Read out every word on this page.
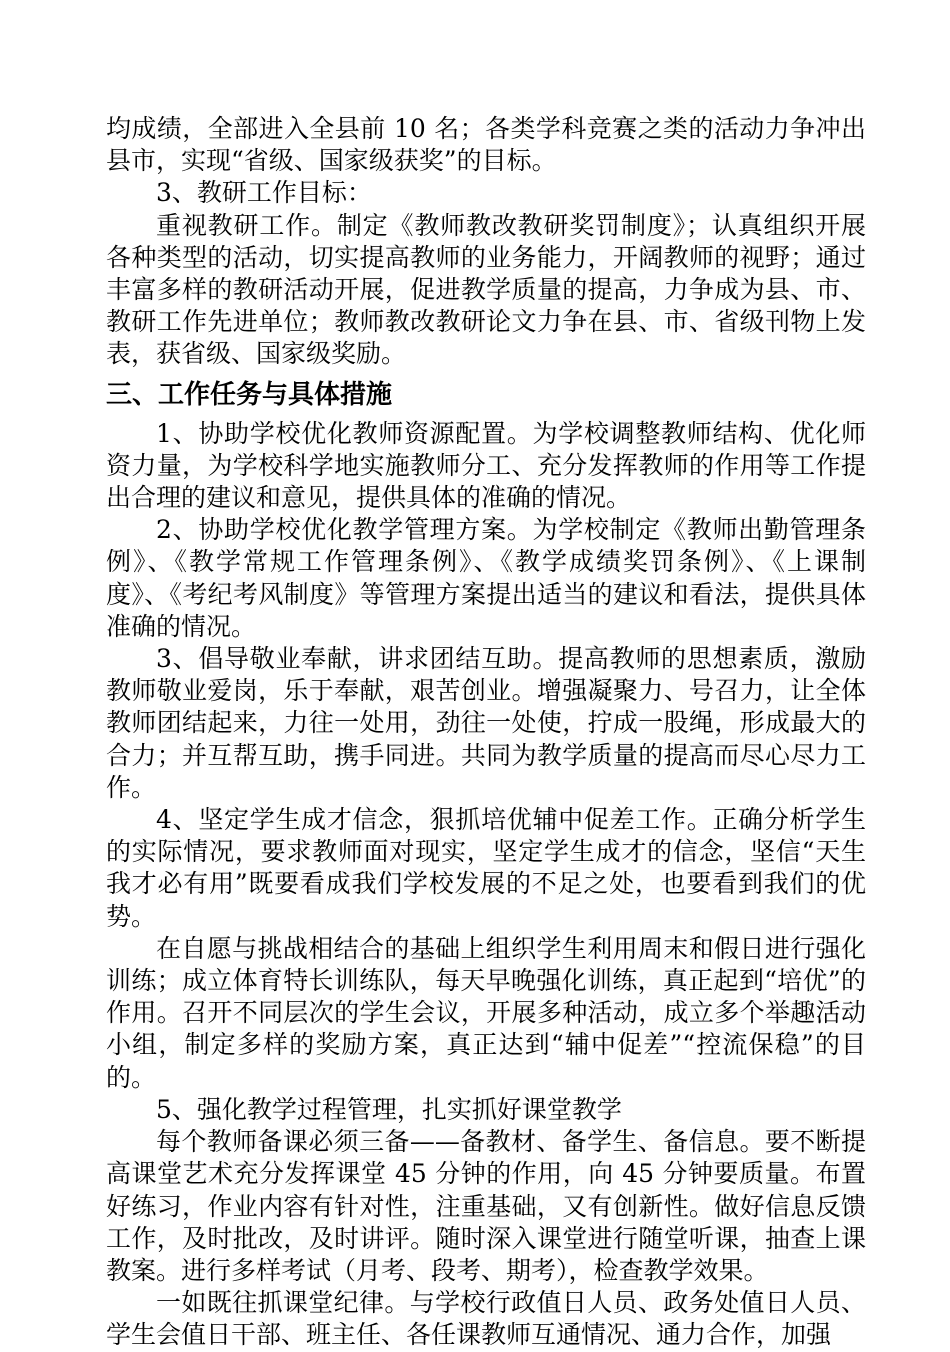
均成绩，全部进入全县前 10 名；各类学科竞赛之类的活动力争冲出县市，实现“省级、国家级获奖”的目标。

3、教研工作目标：

重视教研工作。制定《教师教改教研奖罚制度》；认真组织开展各种类型的活动，切实提高教师的业务能力，开阔教师的视野；通过丰富多样的教研活动开展，促进教学质量的提高，力争成为县、市、教研工作先进单位；教师教改教研论文力争在县、市、省级刊物上发表，获省级、国家级奖励。

三、工作任务与具体措施

1、协助学校优化教师资源配置。为学校调整教师结构、优化师资力量，为学校科学地实施教师分工、充分发挥教师的作用等工作提出合理的建议和意见，提供具体的准确的情况。

2、协助学校优化教学管理方案。为学校制定《教师出勤管理条例》、《教学常规工作管理条例》、《教学成绩奖罚条例》、《上课制度》、《考纪考风制度》等管理方案提出适当的建议和看法，提供具体准确的情况。

3、倡导敬业奉献，讲求团结互助。提高教师的思想素质，激励教师敬业爱岗，乐于奉献，艰苦创业。增强凝聚力、号召力，让全体教师团结起来，力往一处用，劲往一处使，拧成一股绳，形成最大的合力；并互帮互助，携手同进。共同为教学质量的提高而尽心尽力工作。

4、坚定学生成才信念，狠抓培优辅中促差工作。正确分析学生的实际情况，要求教师面对现实，坚定学生成才的信念，坚信“天生我才必有用”既要看成我们学校发展的不足之处，也要看到我们的优势。

在自愿与挑战相结合的基础上组织学生利用周末和假日进行强化训练；成立体育特长训练队，每天早晚强化训练，真正起到“培优”的作用。召开不同层次的学生会议，开展多种活动，成立多个举趣活动小组，制定多样的奖励方案，真正达到“辅中促差”“控流保稳”的目的。

5、强化教学过程管理，扎实抓好课堂教学

每个教师备课必须三备——备教材、备学生、备信息。要不断提高课堂艺术充分发挥课堂 45 分钟的作用，向 45 分钟要质量。布置好练习，作业内容有针对性，注重基础，又有创新性。做好信息反馈工作，及时批改，及时讲评。随时深入课堂进行随堂听课，抽查上课教案。进行多样考试（月考、段考、期考），检查教学效果。

一如既往抓课堂纪律。与学校行政值日人员、政务处值日人员、学生会值日干部、班主任、各任课教师互通情况、通力合作，加强
